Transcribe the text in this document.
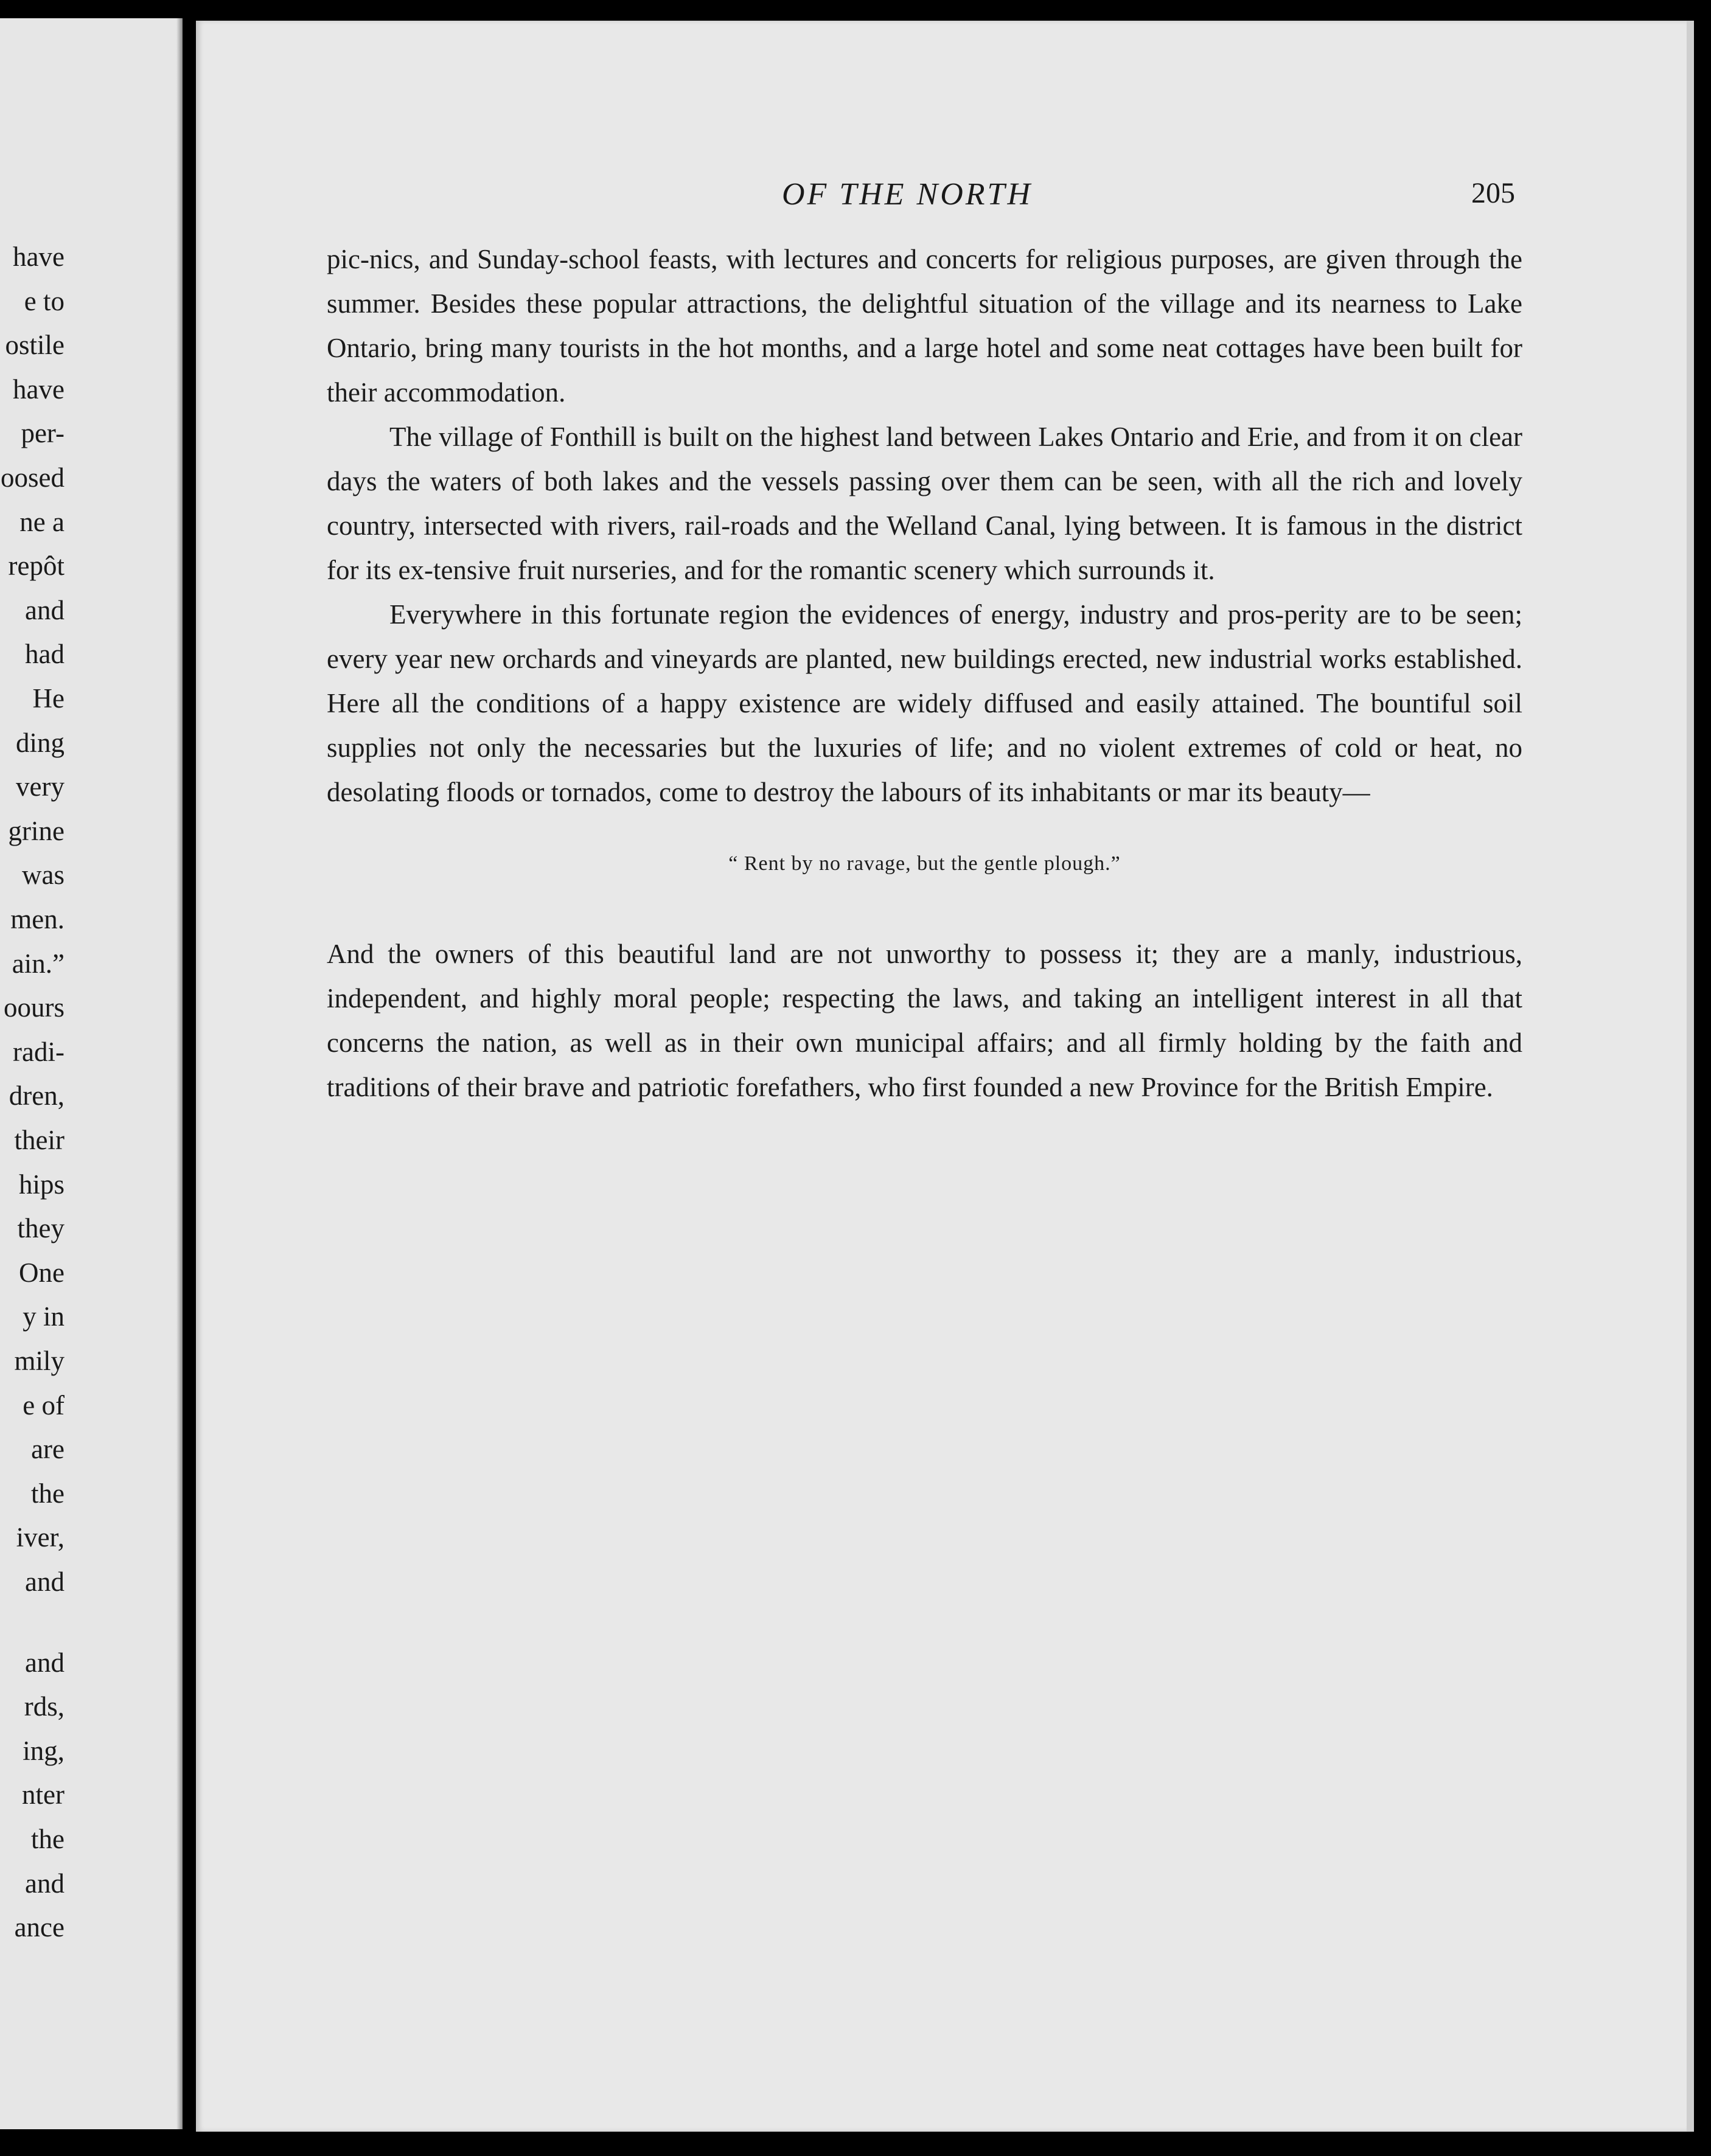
have
e to
ostile
have
per-
oosed
ne a
repôt
and
had
He
ding
very
grine
was
men.
ain.”
oours
radi-
dren,
their
hips
they
One
y in
mily
e of
are
the
iver,
and
and
rds,
ing,
nter
the
and
ance
OF THE NORTH	205

pic-nics, and Sunday-school feasts, with lectures and concerts for religious purposes, are given through the summer. Besides these popular attractions, the delightful situation of the village and its nearness to Lake Ontario, bring many tourists in the hot months, and a large hotel and some neat cottages have been built for their accommodation.

The village of Fonthill is built on the highest land between Lakes Ontario and Erie, and from it on clear days the waters of both lakes and the vessels passing over them can be seen, with all the rich and lovely country, intersected with rivers, rail-roads and the Welland Canal, lying between. It is famous in the district for its ex-tensive fruit nurseries, and for the romantic scenery which surrounds it.

Everywhere in this fortunate region the evidences of energy, industry and pros-perity are to be seen; every year new orchards and vineyards are planted, new buildings erected, new industrial works established. Here all the conditions of a happy existence are widely diffused and easily attained. The bountiful soil supplies not only the necessaries but the luxuries of life; and no violent extremes of cold or heat, no desolating floods or tornados, come to destroy the labours of its inhabitants or mar its beauty—

“ Rent by no ravage, but the gentle plough.”

And the owners of this beautiful land are not unworthy to possess it; they are a manly, industrious, independent, and highly moral people; respecting the laws, and taking an intelligent interest in all that concerns the nation, as well as in their own municipal affairs; and all firmly holding by the faith and traditions of their brave and patriotic forefathers, who first founded a new Province for the British Empire.
